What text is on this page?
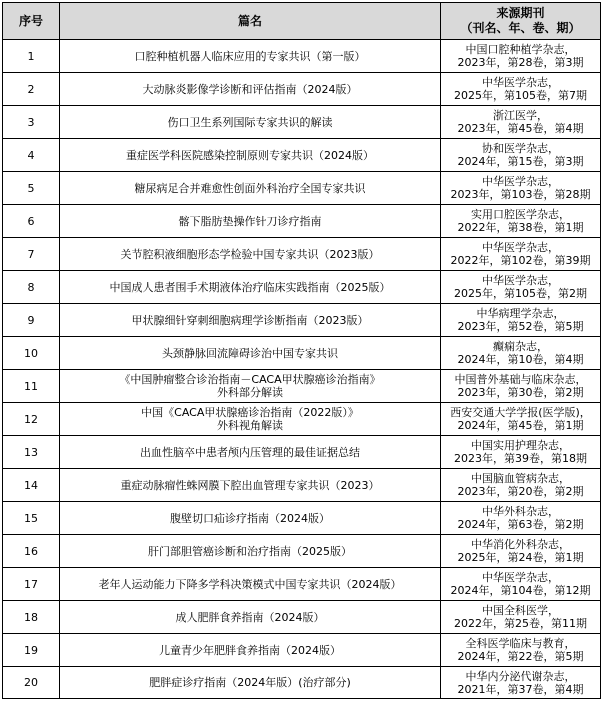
序号	篇名	来源期刊
（刊名、年、卷、期）

1	口腔种植机器人临床应用的专家共识（第一版）	中国口腔种植学杂志，
2023年，第28卷，第3期

2	大动脉炎影像学诊断和评估指南（2024版）	中华医学杂志，
2025年，第105卷，第7期

3	伤口卫生系列国际专家共识的解读	浙江医学，
2023年，第45卷，第4期

4	重症医学科医院感染控制原则专家共识（2024版）	协和医学杂志，
2024年，第15卷，第3期

5	糖尿病足合并难愈性创面外科治疗全国专家共识	中华医学杂志，
2023年，第103卷，第28期

6	髂下脂肪垫操作针刀诊疗指南	实用口腔医学杂志，
2022年，第38卷，第1期

7	关节腔积液细胞形态学检验中国专家共识（2023版）	中华医学杂志，
2022年，第102卷，第39期

8	中国成人患者围手术期液体治疗临床实践指南（2025版）	中华医学杂志，
2025年，第105卷，第2期

9	甲状腺细针穿刺细胞病理学诊断指南（2023版）	中华病理学杂志，
2023年，第52卷，第5期

10	头颈静脉回流障碍诊治中国专家共识	癫痫杂志，
2024年，第10卷，第4期

11	《中国肿瘤整合诊治指南－CACA甲状腺癌诊治指南》
外科部分解读	中国普外基础与临床杂志，
2023年，第30卷，第2期

12	中国《CACA甲状腺癌诊治指南（2022版）》
外科视角解读	西安交通大学学报(医学版)，
2024年，第45卷，第1期

13	出血性脑卒中患者颅内压管理的最佳证据总结	中国实用护理杂志，
2023年，第39卷，第18期

14	重症动脉瘤性蛛网膜下腔出血管理专家共识（2023）	中国脑血管病杂志，
2023年，第20卷，第2期

15	腹壁切口疝诊疗指南（2024版）	中华外科杂志，
2024年，第63卷，第2期

16	肝门部胆管癌诊断和治疗指南（2025版）	中华消化外科杂志，
2025年，第24卷，第1期

17	老年人运动能力下降多学科决策模式中国专家共识（2024版）	中华医学杂志，
2024年，第104卷，第12期

18	成人肥胖食养指南（2024版）	中国全科医学，
2022年，第25卷，第11期

19	儿童青少年肥胖食养指南（2024版）	全科医学临床与教育，
2024年，第22卷，第5期

20	肥胖症诊疗指南（2024年版）(治疗部分)	中华内分泌代谢杂志，
2021年，第37卷，第4期
